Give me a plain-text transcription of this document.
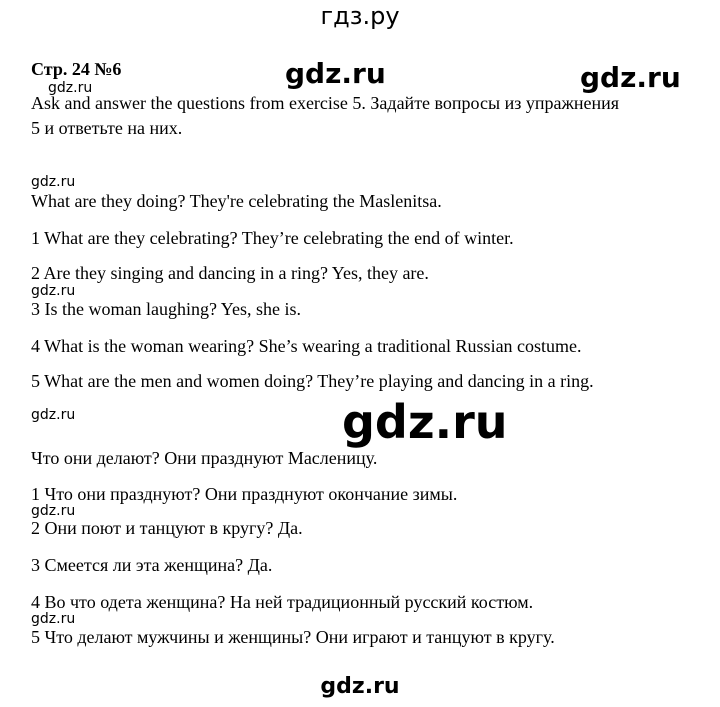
гдз.ру
Стр. 24 №6	gdz.ru	gdz.ru
gdz.ru
Ask and answer the questions from exercise 5. Задайте вопросы из упражнения
5 и ответьте на них.
gdz.ru
What are they doing? They're celebrating the Maslenitsa.
1 What are they celebrating? They’re celebrating the end of winter.
2 Are they singing and dancing in a ring? Yes, they are.
gdz.ru
3 Is the woman laughing? Yes, she is.
4 What is the woman wearing? She’s wearing a traditional Russian costume.
5 What are the men and women doing? They’re playing and dancing in a ring.
gdz.ru	gdz.ru
Что они делают? Они празднуют Масленицу.
1 Что они празднуют? Они празднуют окончание зимы.
gdz.ru
2 Они поют и танцуют в кругу? Да.
3 Смеется ли эта женщина? Да.
4 Во что одета женщина? На ней традиционный русский костюм.
gdz.ru
5 Что делают мужчины и женщины? Они играют и танцуют в кругу.
gdz.ru
